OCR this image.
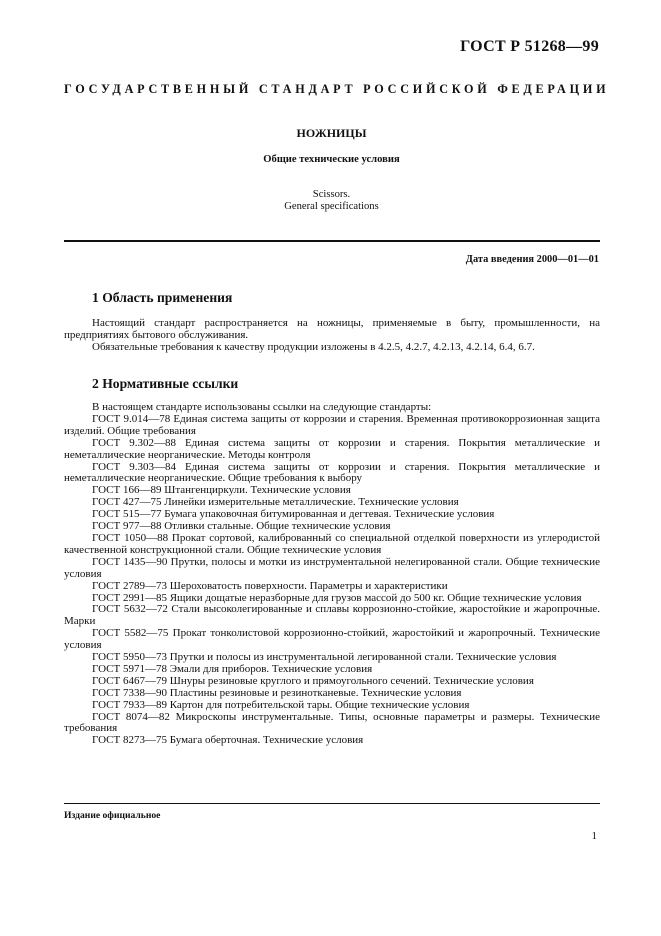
ГОСТ Р 51268—99
ГОСУДАРСТВЕННЫЙ СТАНДАРТ РОССИЙСКОЙ ФЕДЕРАЦИИ
НОЖНИЦЫ
Общие технические условия
Scissors.
General specifications
Дата введения 2000—01—01
1 Область применения
Настоящий стандарт распространяется на ножницы, применяемые в быту, промышленности, на предприятиях бытового обслуживания.
Обязательные требования к качеству продукции изложены в 4.2.5, 4.2.7, 4.2.13, 4.2.14, 6.4, 6.7.
2 Нормативные ссылки
В настоящем стандарте использованы ссылки на следующие стандарты:
ГОСТ 9.014—78 Единая система защиты от коррозии и старения. Временная противокоррозионная защита изделий. Общие требования
ГОСТ 9.302—88 Единая система защиты от коррозии и старения. Покрытия металлические и неметаллические неорганические. Методы контроля
ГОСТ 9.303—84 Единая система защиты от коррозии и старения. Покрытия металлические и неметаллические неорганические. Общие требования к выбору
ГОСТ 166—89 Штангенциркули. Технические условия
ГОСТ 427—75 Линейки измерительные металлические. Технические условия
ГОСТ 515—77 Бумага упаковочная битумированная и дегтевая. Технические условия
ГОСТ 977—88 Отливки стальные. Общие технические условия
ГОСТ 1050—88 Прокат сортовой, калиброванный со специальной отделкой поверхности из углеродистой качественной конструкционной стали. Общие технические условия
ГОСТ 1435—90 Прутки, полосы и мотки из инструментальной нелегированной стали. Общие технические условия
ГОСТ 2789—73 Шероховатость поверхности. Параметры и характеристики
ГОСТ 2991—85 Ящики дощатые неразборные для грузов массой до 500 кг. Общие технические условия
ГОСТ 5632—72 Стали высоколегированные и сплавы коррозионно-стойкие, жаростойкие и жаропрочные. Марки
ГОСТ 5582—75 Прокат тонколистовой коррозионно-стойкий, жаростойкий и жаропрочный. Технические условия
ГОСТ 5950—73 Прутки и полосы из инструментальной легированной стали. Технические условия
ГОСТ 5971—78 Эмали для приборов. Технические условия
ГОСТ 6467—79 Шнуры резиновые круглого и прямоугольного сечений. Технические условия
ГОСТ 7338—90 Пластины резиновые и резинотканевые. Технические условия
ГОСТ 7933—89 Картон для потребительской тары. Общие технические условия
ГОСТ 8074—82 Микроскопы инструментальные. Типы, основные параметры и размеры. Технические требования
ГОСТ 8273—75 Бумага оберточная. Технические условия
Издание официальное
1
